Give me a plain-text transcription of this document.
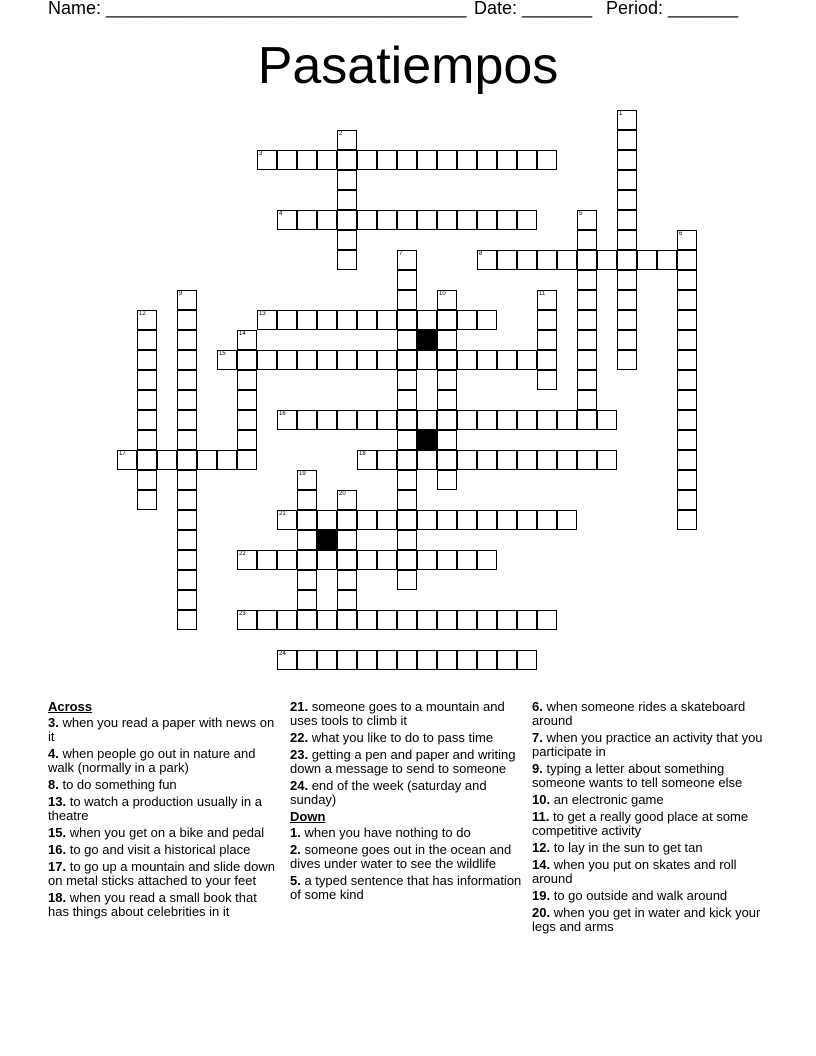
Name: ____________________________________ Date: _______ Period: _______
Pasatiempos
1
2
3
4	5
6
7	8
9	10	11
12	13
14
15
16
17	18
19
20
21
22
23
24
Across
3. when you read a paper with news on it
4. when people go out in nature and walk (normally in a park)
8. to do something fun
13. to watch a production usually in a theatre
15. when you get on a bike and pedal
16. to go and visit a historical place
17. to go up a mountain and slide down on metal sticks attached to your feet
18. when you read a small book that has things about celebrities in it
21. someone goes to a mountain and uses tools to climb it
22. what you like to do to pass time
23. getting a pen and paper and writing down a message to send to someone
24. end of the week (saturday and sunday)
Down
1. when you have nothing to do
2. someone goes out in the ocean and dives under water to see the wildlife
5. a typed sentence that has information of some kind
6. when someone rides a skateboard around
7. when you practice an activity that you participate in
9. typing a letter about something someone wants to tell someone else
10. an electronic game
11. to get a really good place at some competitive activity
12. to lay in the sun to get tan
14. when you put on skates and roll around
19. to go outside and walk around
20. when you get in water and kick your legs and arms
